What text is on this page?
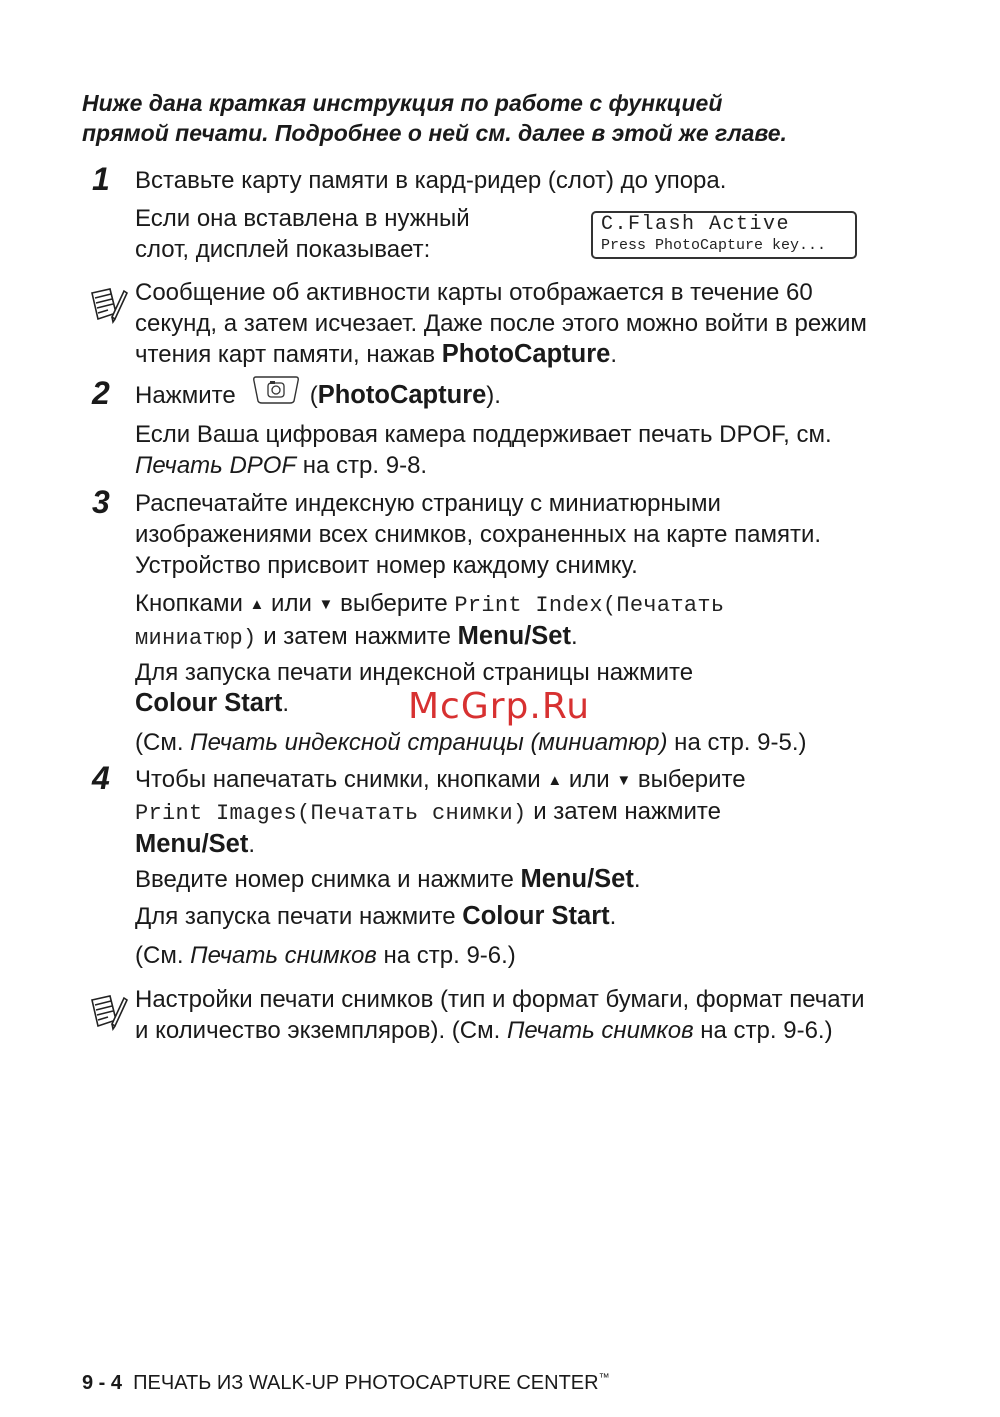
Ниже дана краткая инструкция по работе с функцией
прямой печати. Подробнее о ней см. далее в этой же главе.
1 Вставьте карту памяти в кард-ридер (слот) до упора.
Если она вставлена в нужный
слот, дисплей показывает:
C.Flash Active
Press PhotoCapture key...
Сообщение об активности карты отображается в течение 60 секунд, а затем исчезает. Даже после этого можно войти в режим чтения карт памяти, нажав PhotoCapture.
2 Нажмите	(PhotoCapture).
Если Ваша цифровая камера поддерживает печать DPOF, см. Печать DPOF на стр. 9-8.
3 Распечатайте индексную страницу с миниатюрными изображениями всех снимков, сохраненных на карте памяти. Устройство присвоит номер каждому снимку.
Кнопками ▲ или ▼ выберите Print Index(Печатать миниатюр) и затем нажмите Menu/Set.
Для запуска печати индексной страницы нажмите
Colour Start.	McGrp.Ru
(См. Печать индексной страницы (миниатюр) на стр. 9-5.)
4 Чтобы напечатать снимки, кнопками ▲ или ▼ выберите
Print Images(Печатать снимки) и затем нажмите
Menu/Set.
Введите номер снимка и нажмите Menu/Set.
Для запуска печати нажмите Colour Start.
(См. Печать снимков на стр. 9-6.)
Настройки печати снимков (тип и формат бумаги, формат печати и количество экземпляров). (См. Печать снимков на стр. 9-6.)
9 - 4 ПЕЧАТЬ ИЗ WALK-UP PHOTOCAPTURE CENTER™
